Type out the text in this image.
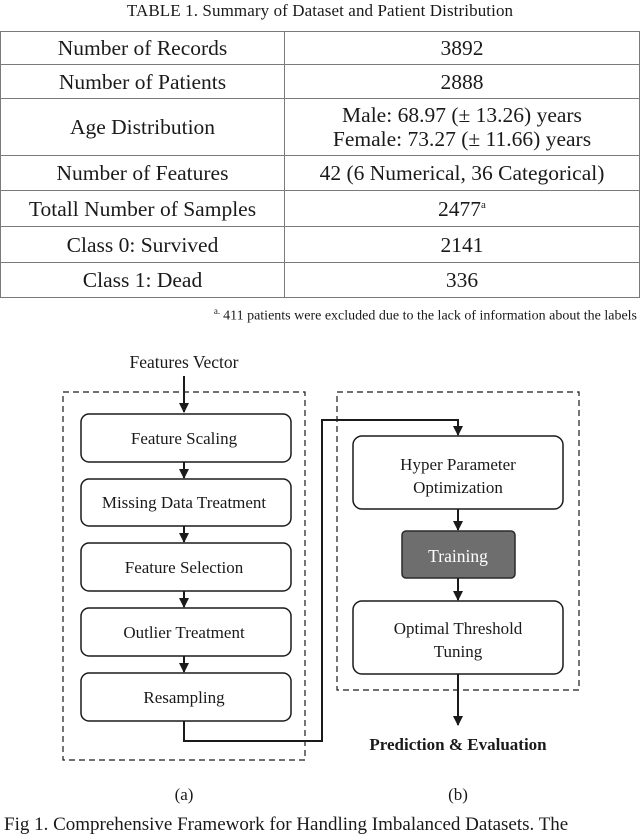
TABLE 1. Summary of Dataset and Patient Distribution
Number of Records	3892
Number of Patients	2888
Age Distribution	Male: 68.97 (± 13.26) years
Female: 73.27 (± 11.66) years

Number of Features	42 (6 Numerical, 36 Categorical)
Totall Number of Samples	2477$^a$
Class 0: Survived	2141
Class 1: Dead	336
$^{a.}$ 411 patients were excluded due to the lack of information about the labels
Features Vector
Feature Scaling
Missing Data Treatment
Feature Selection
Outlier Treatment
Resampling
Hyper Parameter
Optimization
Training
Optimal Threshold
Tuning
Prediction & Evaluation
(a)	(b)
Fig 1. Comprehensive Framework for Handling Imbalanced Datasets. The
